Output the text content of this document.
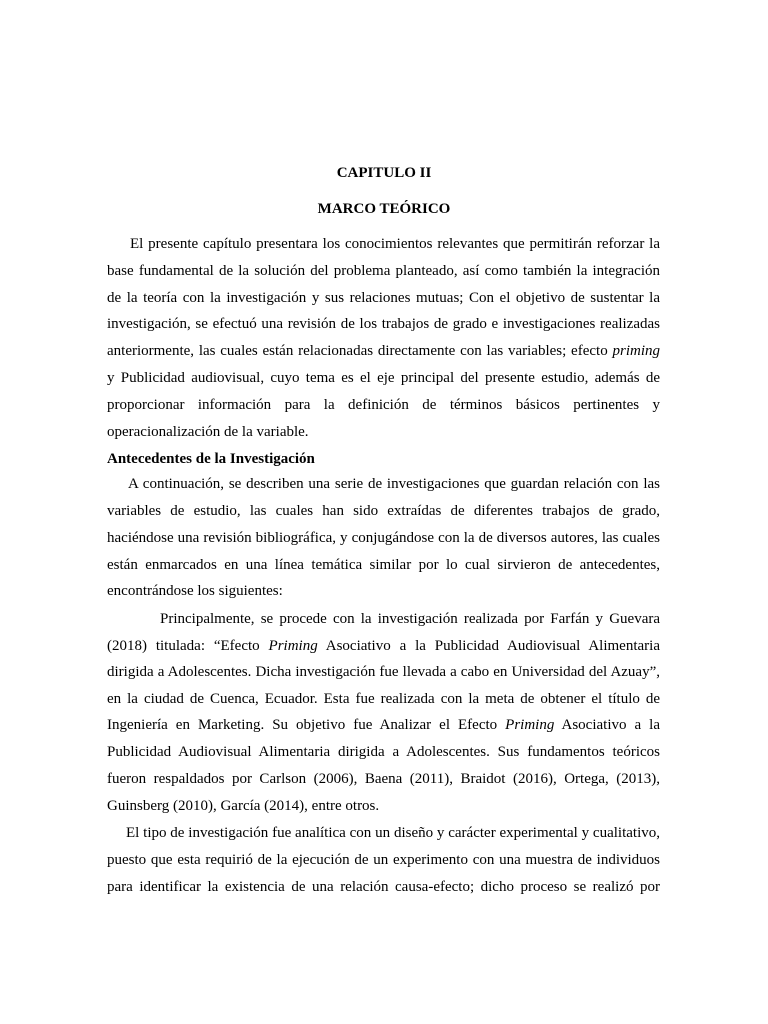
CAPITULO II
MARCO TEÓRICO
El presente capítulo presentara los conocimientos relevantes que permitirán reforzar la
base fundamental de la solución del problema planteado, así como también la integración
de la teoría con la investigación y sus relaciones mutuas; Con el objetivo de sustentar la
investigación, se efectuó una revisión de los trabajos de grado e investigaciones realizadas
anteriormente, las cuales están relacionadas directamente con las variables; efecto priming
y Publicidad audiovisual, cuyo tema es el eje principal del presente estudio, además de
proporcionar información para la definición de términos básicos pertinentes y
operacionalización de la variable.
Antecedentes de la Investigación
A continuación, se describen una serie de investigaciones que guardan relación con las
variables de estudio, las cuales han sido extraídas de diferentes trabajos de grado,
haciéndose una revisión bibliográfica, y conjugándose con la de diversos autores, las cuales
están enmarcados en una línea temática similar por lo cual sirvieron de antecedentes,
encontrándose los siguientes:
Principalmente, se procede con la investigación realizada por Farfán y Guevara
(2018) titulada: “Efecto Priming Asociativo a la Publicidad Audiovisual Alimentaria
dirigida a Adolescentes. Dicha investigación fue llevada a cabo en Universidad del Azuay”,
en la ciudad de Cuenca, Ecuador. Esta fue realizada con la meta de obtener el título de
Ingeniería en Marketing. Su objetivo fue Analizar el Efecto Priming Asociativo a la
Publicidad Audiovisual Alimentaria dirigida a Adolescentes. Sus fundamentos teóricos
fueron respaldados por Carlson (2006), Baena (2011), Braidot (2016), Ortega, (2013),
Guinsberg (2010), García (2014), entre otros.
El tipo de investigación fue analítica con un diseño y carácter experimental y cualitativo,
puesto que esta requirió de la ejecución de un experimento con una muestra de individuos
para identificar la existencia de una relación causa-efecto; dicho proceso se realizó por
